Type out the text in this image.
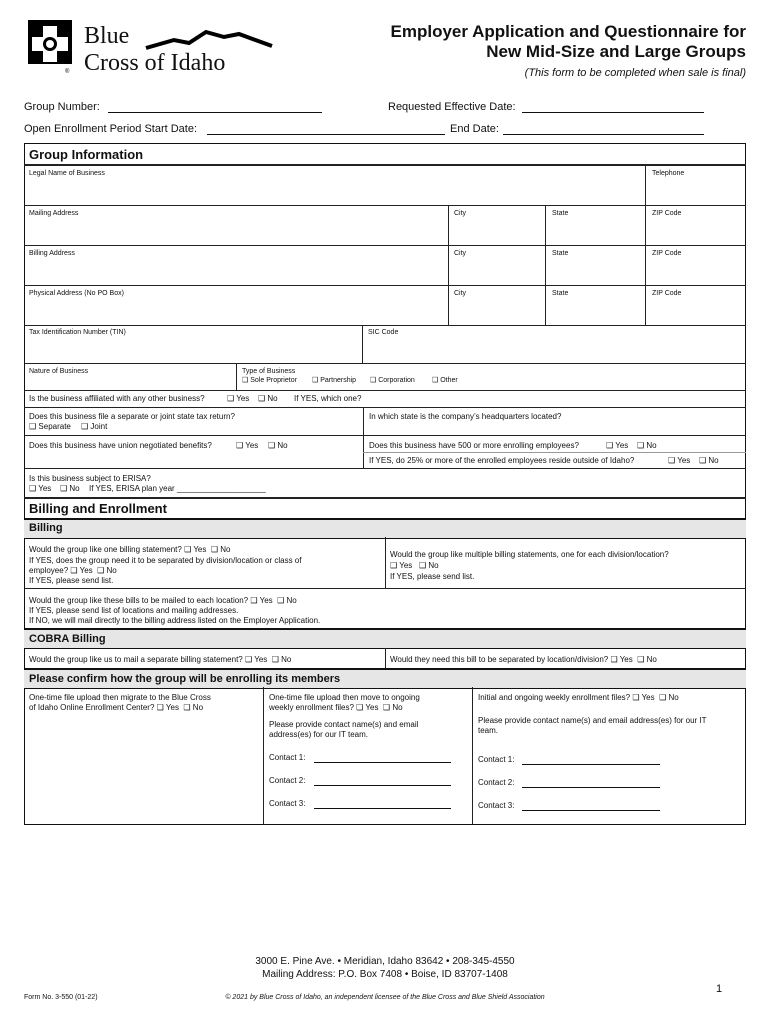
®
Blue
Cross of Idaho
Employer Application and Questionnaire for
New Mid-Size and Large Groups
(This form to be completed when sale is final)
Group Number:	Requested Effective Date:
Open Enrollment Period Start Date:	End Date:
Group Information
Legal Name of Business	Telephone
Mailing Address	City	State	ZIP Code
Billing Address	City	State	ZIP Code
Physical Address (No PO Box)	City	State	ZIP Code
Tax Identification Number (TIN)	SIC Code
Nature of Business	Type of Business
❑ Sole Proprietor ❑ Partnership ❑ Corporation ❑ Other
Is the business affiliated with any other business?	❑ Yes ❑ No If YES, which one?
Does this business file a separate or joint state tax return?
❑ Separate ❑ Joint
In which state is the company’s headquarters located?
Does this business have union negotiated benefits?	❑ Yes ❑ No	Does this business have 500 or more enrolling employees?	❑ Yes ❑ No
If YES, do 25% or more of the enrolled employees reside outside of Idaho?	❑ Yes ❑ No
Is this business subject to ERISA?
❑ Yes ❑ No If YES, ERISA plan year ____________________
Billing and Enrollment
Billing
Would the group like one billing statement? ❑ Yes  ❑ No
If YES, does the group need it to be separated by division/location or class of
employee? ❑ Yes  ❑ No
If YES, please send list.
Would the group like multiple billing statements, one for each division/location?
❑ Yes ❑ No
If YES, please send list.
Would the group like these bills to be mailed to each location? ❑ Yes  ❑ No
If YES, please send list of locations and mailing addresses.
If NO, we will mail directly to the billing address listed on the Employer Application.
COBRA Billing
Would the group like us to mail a separate billing statement? ❑ Yes  ❑ No	Would they need this bill to be separated by location/division? ❑ Yes  ❑ No
Please confirm how the group will be enrolling its members
One-time file upload then migrate to the Blue Cross
of Idaho Online Enrollment Center? ❑ Yes  ❑ No
One-time file upload then move to ongoing
weekly enrollment files? ❑ Yes  ❑ No
Please provide contact name(s) and email
address(es) for our IT team.
Contact 1:
Contact 2:
Contact 3:
Initial and ongoing weekly enrollment files? ❑ Yes  ❑ No
Please provide contact name(s) and email address(es) for our IT
team.
Contact 1:
Contact 2:
Contact 3:
3000 E. Pine Ave. • Meridian, Idaho 83642 • 208-345-4550
Mailing Address: P.O. Box 7408 • Boise, ID 83707-1408
Form No. 3-550 (01-22)	© 2021 by Blue Cross of Idaho, an independent licensee of the Blue Cross and Blue Shield Association
1
